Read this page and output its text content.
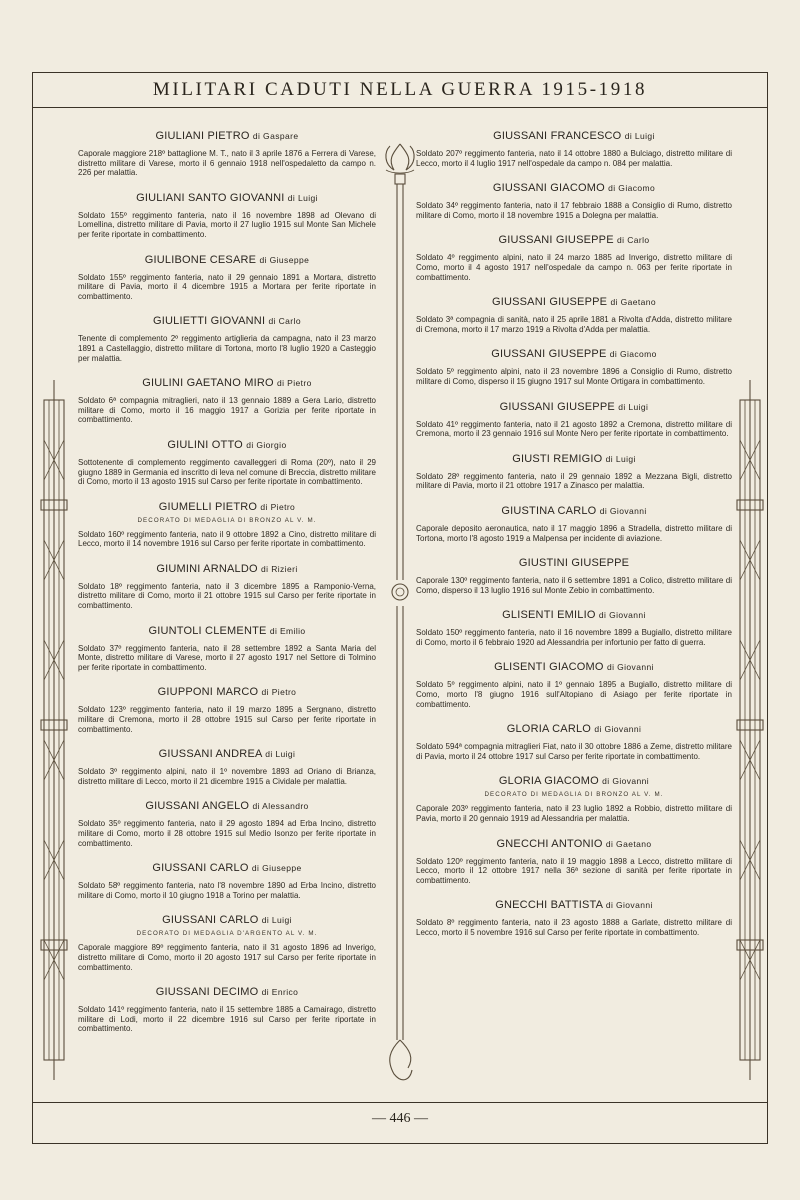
MILITARI CADUTI NELLA GUERRA 1915-1918
GIULIANI PIETRO di Gaspare
Caporale maggiore 218º battaglione M. T., nato il 3 aprile 1876 a Ferrera di Varese, distretto militare di Varese, morto il 6 gennaio 1918 nell'ospedaletto da campo n. 226 per malattia.
GIULIANI SANTO GIOVANNI di Luigi
Soldato 155º reggimento fanteria, nato il 16 novembre 1898 ad Olevano di Lomellina, distretto militare di Pavia, morto il 27 luglio 1915 sul Monte San Michele per ferite riportate in combattimento.
GIULIBONE CESARE di Giuseppe
Soldato 155º reggimento fanteria, nato il 29 gennaio 1891 a Mortara, distretto militare di Pavia, morto il 4 dicembre 1915 a Mortara per ferite riportate in combattimento.
GIULIETTI GIOVANNI di Carlo
Tenente di complemento 2º reggimento artiglieria da campagna, nato il 23 marzo 1891 a Castellaggio, distretto militare di Tortona, morto l'8 luglio 1920 a Casteggio per malattia.
GIULINI GAETANO MIRO di Pietro
Soldato 6ª compagnia mitraglieri, nato il 13 gennaio 1889 a Gera Lario, distretto militare di Como, morto il 16 maggio 1917 a Gorizia per ferite riportate in combattimento.
GIULINI OTTO di Giorgio
Sottotenente di complemento reggimento cavalleggeri di Roma (20º), nato il 29 giugno 1889 in Germania ed inscritto di leva nel comune di Breccia, distretto militare di Como, morto il 13 agosto 1915 sul Carso per ferite riportate in combattimento.
GIUMELLI PIETRO di Pietro
DECORATO DI MEDAGLIA DI BRONZO AL V. M.
Soldato 160º reggimento fanteria, nato il 9 ottobre 1892 a Cino, distretto militare di Lecco, morto il 14 novembre 1916 sul Carso per ferite riportate in combattimento.
GIUMINI ARNALDO di Rizieri
Soldato 18º reggimento fanteria, nato il 3 dicembre 1895 a Ramponio-Verna, distretto militare di Como, morto il 21 ottobre 1915 sul Carso per ferite riportate in combattimento.
GIUNTOLI CLEMENTE di Emilio
Soldato 37º reggimento fanteria, nato il 28 settembre 1892 a Santa Maria del Monte, distretto militare di Varese, morto il 27 agosto 1917 nel Settore di Tolmino per ferite riportate in combattimento.
GIUPPONI MARCO di Pietro
Soldato 123º reggimento fanteria, nato il 19 marzo 1895 a Sergnano, distretto militare di Cremona, morto il 28 ottobre 1915 sul Carso per ferite riportate in combattimento.
GIUSSANI ANDREA di Luigi
Soldato 3º reggimento alpini, nato il 1º novembre 1893 ad Oriano di Brianza, distretto militare di Lecco, morto il 21 dicembre 1915 a Cividale per malattia.
GIUSSANI ANGELO di Alessandro
Soldato 35º reggimento fanteria, nato il 29 agosto 1894 ad Erba Incino, distretto militare di Como, morto il 28 ottobre 1915 sul Medio Isonzo per ferite riportate in combattimento.
GIUSSANI CARLO di Giuseppe
Soldato 58º reggimento fanteria, nato l'8 novembre 1890 ad Erba Incino, distretto militare di Como, morto il 10 giugno 1918 a Torino per malattia.
GIUSSANI CARLO di Luigi
DECORATO DI MEDAGLIA D'ARGENTO AL V. M.
Caporale maggiore 89º reggimento fanteria, nato il 31 agosto 1896 ad Inverigo, distretto militare di Como, morto il 20 agosto 1917 sul Carso per ferite riportate in combattimento.
GIUSSANI DECIMO di Enrico
Soldato 141º reggimento fanteria, nato il 15 settembre 1885 a Camairago, distretto militare di Lodi, morto il 22 dicembre 1916 sul Carso per ferite riportate in combattimento.
GIUSSANI FRANCESCO di Luigi
Soldato 207º reggimento fanteria, nato il 14 ottobre 1880 a Bulciago, distretto militare di Lecco, morto il 4 luglio 1917 nell'ospedale da campo n. 084 per malattia.
GIUSSANI GIACOMO di Giacomo
Soldato 34º reggimento fanteria, nato il 17 febbraio 1888 a Consiglio di Rumo, distretto militare di Como, morto il 18 novembre 1915 a Dolegna per malattia.
GIUSSANI GIUSEPPE di Carlo
Soldato 4º reggimento alpini, nato il 24 marzo 1885 ad Inverigo, distretto militare di Como, morto il 4 agosto 1917 nell'ospedale da campo n. 063 per ferite riportate in combattimento.
GIUSSANI GIUSEPPE di Gaetano
Soldato 3ª compagnia di sanità, nato il 25 aprile 1881 a Rivolta d'Adda, distretto militare di Cremona, morto il 17 marzo 1919 a Rivolta d'Adda per malattia.
GIUSSANI GIUSEPPE di Giacomo
Soldato 5º reggimento alpini, nato il 23 novembre 1896 a Consiglio di Rumo, distretto militare di Como, disperso il 15 giugno 1917 sul Monte Ortigara in combattimento.
GIUSSANI GIUSEPPE di Luigi
Soldato 41º reggimento fanteria, nato il 21 agosto 1892 a Cremona, distretto militare di Cremona, morto il 23 gennaio 1916 sul Monte Nero per ferite riportate in combattimento.
GIUSTI REMIGIO di Luigi
Soldato 28º reggimento fanteria, nato il 29 gennaio 1892 a Mezzana Bigli, distretto militare di Pavia, morto il 21 ottobre 1917 a Zinasco per malattia.
GIUSTINA CARLO di Giovanni
Caporale deposito aeronautica, nato il 17 maggio 1896 a Stradella, distretto militare di Tortona, morto l'8 agosto 1919 a Malpensa per incidente di aviazione.
GIUSTINI GIUSEPPE
Caporale 130º reggimento fanteria, nato il 6 settembre 1891 a Colico, distretto militare di Como, disperso il 13 luglio 1916 sul Monte Zebio in combattimento.
GLISENTI EMILIO di Giovanni
Soldato 150º reggimento fanteria, nato il 16 novembre 1899 a Bugiallo, distretto militare di Como, morto il 6 febbraio 1920 ad Alessandria per infortunio per fatto di guerra.
GLISENTI GIACOMO di Giovanni
Soldato 5º reggimento alpini, nato il 1º gennaio 1895 a Bugiallo, distretto militare di Como, morto l'8 giugno 1916 sull'Altopiano di Asiago per ferite riportate in combattimento.
GLORIA CARLO di Giovanni
Soldato 594ª compagnia mitraglieri Fiat, nato il 30 ottobre 1886 a Zeme, distretto militare di Pavia, morto il 24 ottobre 1917 sul Carso per ferite riportate in combattimento.
GLORIA GIACOMO di Giovanni
DECORATO DI MEDAGLIA DI BRONZO AL V. M.
Caporale 203º reggimento fanteria, nato il 23 luglio 1892 a Robbio, distretto militare di Pavia, morto il 20 gennaio 1919 ad Alessandria per malattia.
GNECCHI ANTONIO di Gaetano
Soldato 120º reggimento fanteria, nato il 19 maggio 1898 a Lecco, distretto militare di Lecco, morto il 12 ottobre 1917 nella 36ª sezione di sanità per ferite riportate in combattimento.
GNECCHI BATTISTA di Giovanni
Soldato 8º reggimento fanteria, nato il 23 agosto 1888 a Garlate, distretto militare di Lecco, morto il 5 novembre 1916 sul Carso per ferite riportate in combattimento.
— 446 —
